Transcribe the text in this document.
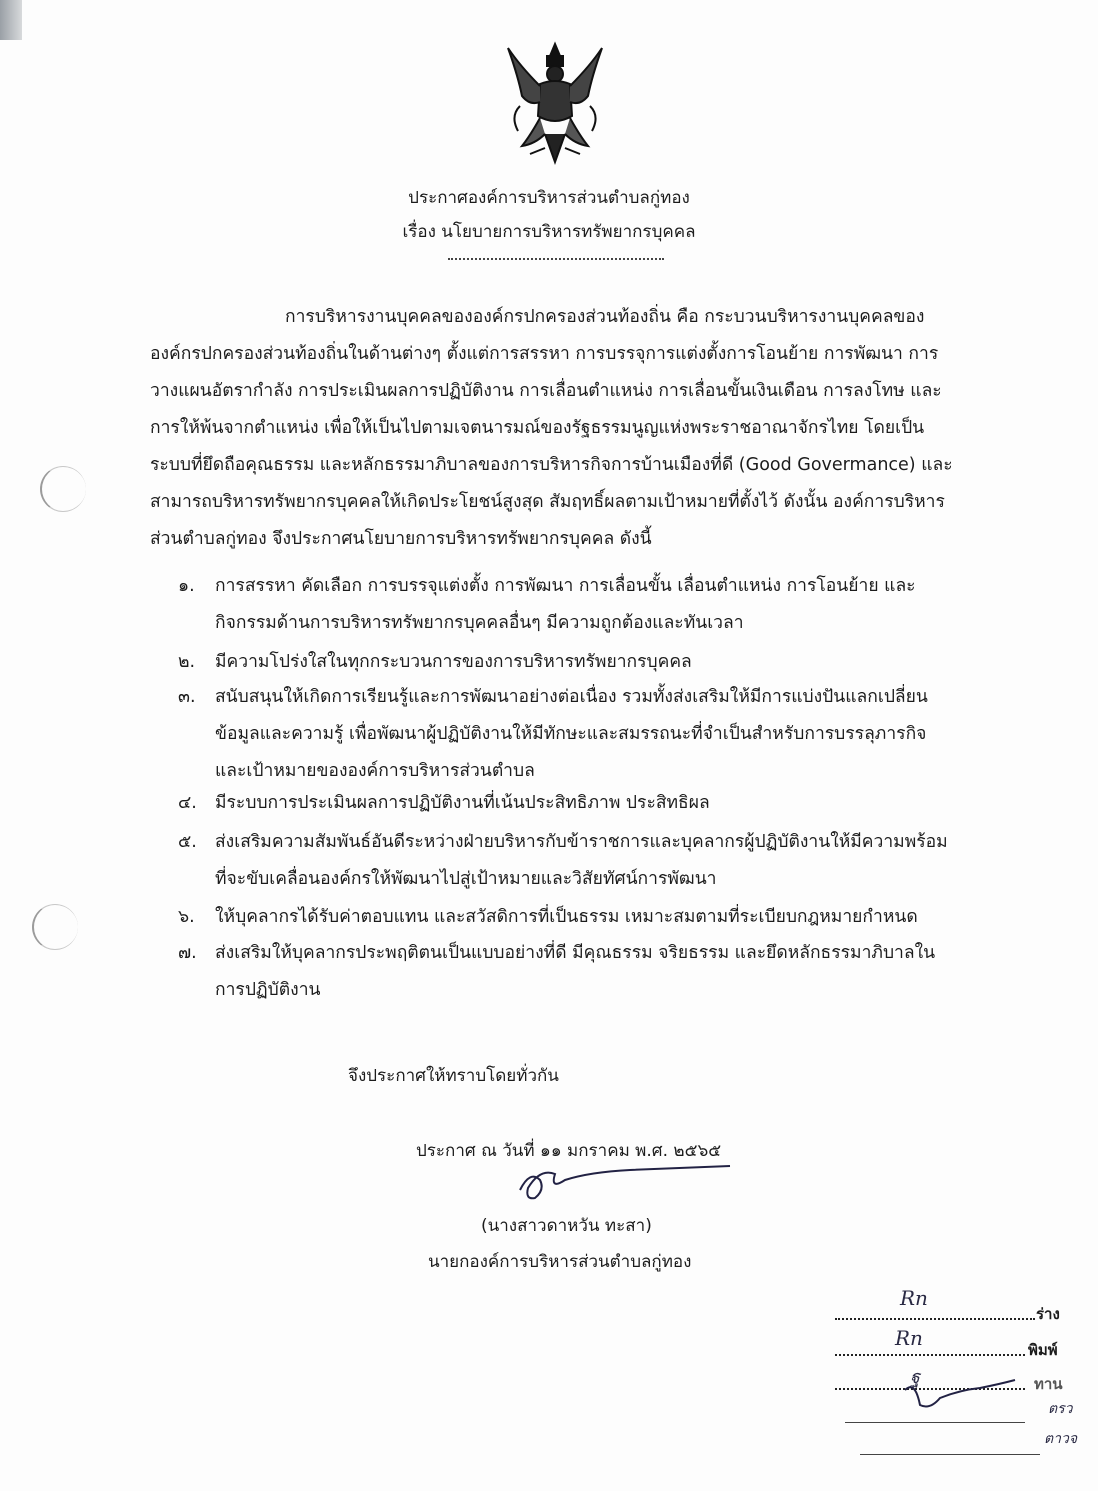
ประกาศองค์การบริหารส่วนตำบลกู่ทอง
เรื่อง นโยบายการบริหารทรัพยากรบุคคล
การบริหารงานบุคคลขององค์กรปกครองส่วนท้องถิ่น คือ กระบวนบริหารงานบุคคลของ
องค์กรปกครองส่วนท้องถิ่นในด้านต่างๆ ตั้งแต่การสรรหา การบรรจุการแต่งตั้งการโอนย้าย การพัฒนา การ
วางแผนอัตรากำลัง การประเมินผลการปฏิบัติงาน การเลื่อนตำแหน่ง การเลื่อนขั้นเงินเดือน การลงโทษ และ
การให้พ้นจากตำแหน่ง เพื่อให้เป็นไปตามเจตนารมณ์ของรัฐธรรมนูญแห่งพระราชอาณาจักรไทย โดยเป็น
ระบบที่ยึดถือคุณธรรม และหลักธรรมาภิบาลของการบริหารกิจการบ้านเมืองที่ดี (Good Govermance) และ
สามารถบริหารทรัพยากรบุคคลให้เกิดประโยชน์สูงสุด สัมฤทธิ์ผลตามเป้าหมายที่ตั้งไว้ ดังนั้น องค์การบริหาร
ส่วนตำบลกู่ทอง จึงประกาศนโยบายการบริหารทรัพยากรบุคคล ดังนี้
๑. การสรรหา คัดเลือก การบรรจุแต่งตั้ง การพัฒนา การเลื่อนขั้น เลื่อนตำแหน่ง การโอนย้าย และ
กิจกรรมด้านการบริหารทรัพยากรบุคคลอื่นๆ มีความถูกต้องและทันเวลา
๒. มีความโปร่งใสในทุกกระบวนการของการบริหารทรัพยากรบุคคล
๓. สนับสนุนให้เกิดการเรียนรู้และการพัฒนาอย่างต่อเนื่อง รวมทั้งส่งเสริมให้มีการแบ่งปันแลกเปลี่ยน
ข้อมูลและความรู้ เพื่อพัฒนาผู้ปฏิบัติงานให้มีทักษะและสมรรถนะที่จำเป็นสำหรับการบรรลุภารกิจ
และเป้าหมายขององค์การบริหารส่วนตำบล
๔. มีระบบการประเมินผลการปฏิบัติงานที่เน้นประสิทธิภาพ ประสิทธิผล
๕. ส่งเสริมความสัมพันธ์อันดีระหว่างฝ่ายบริหารกับข้าราชการและบุคลากรผู้ปฏิบัติงานให้มีความพร้อม
ที่จะขับเคลื่อนองค์กรให้พัฒนาไปสู่เป้าหมายและวิสัยทัศน์การพัฒนา
๖. ให้บุคลากรได้รับค่าตอบแทน และสวัสดิการที่เป็นธรรม เหมาะสมตามที่ระเบียบกฎหมายกำหนด
๗. ส่งเสริมให้บุคลากรประพฤติตนเป็นแบบอย่างที่ดี มีคุณธรรม จริยธรรม และยึดหลักธรรมาภิบาลใน
การปฏิบัติงาน
จึงประกาศให้ทราบโดยทั่วกัน
ประกาศ ณ วันที่ ๑๑ มกราคม พ.ศ. ๒๕๖๕
(นางสาวดาหวัน ทะสา)
นายกองค์การบริหารส่วนตำบลกู่ทอง
ร่าง
พิมพ์
ทาน
Rn
Rn
ฐ
ตรว
ตาวจ
